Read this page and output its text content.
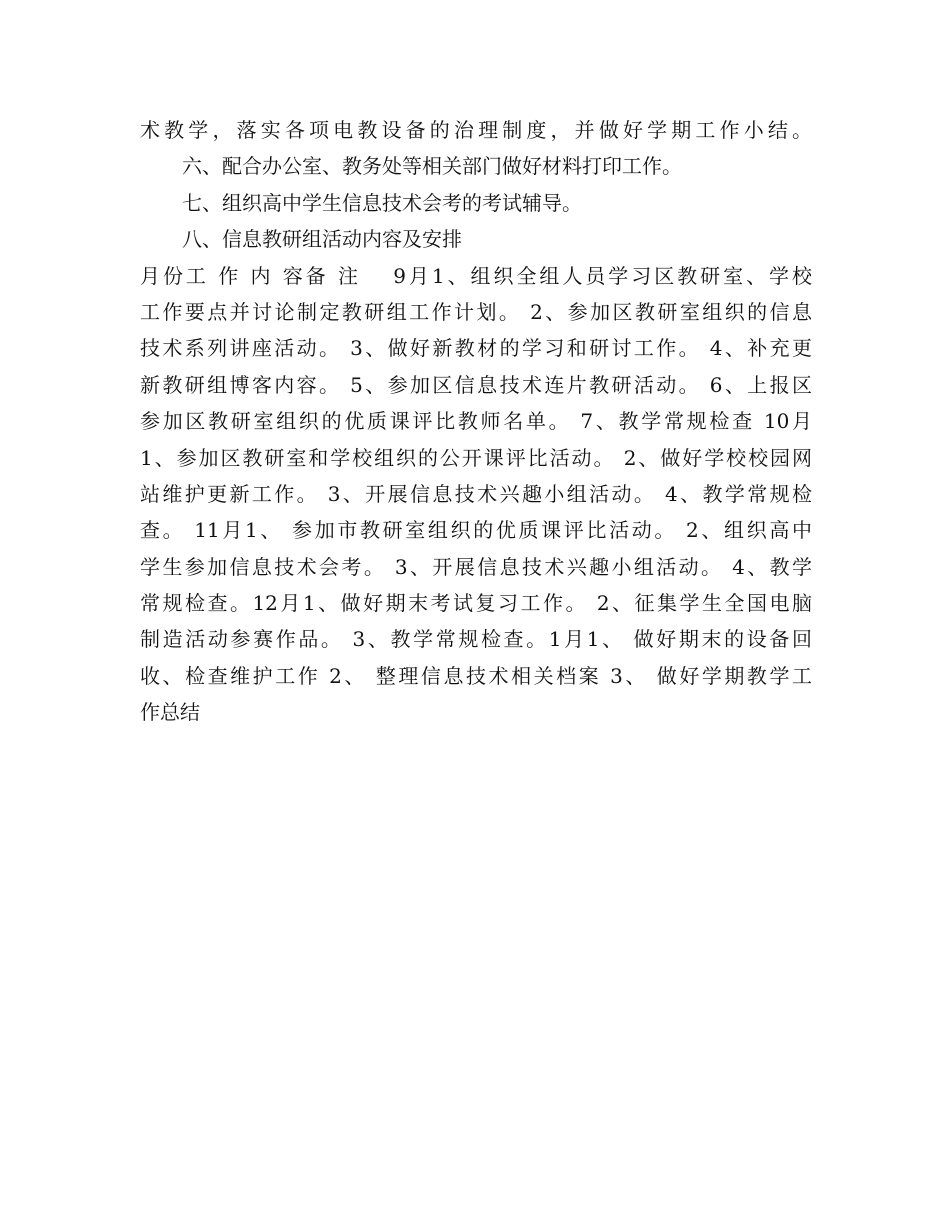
术教学，落实各项电教设备的治理制度，并做好学期工作小结。
六、配合办公室、教务处等相关部门做好材料打印工作。
七、组织高中学生信息技术会考的考试辅导。
八、信息教研组活动内容及安排
月份工 作 内 容备 注 　9月1、组织全组人员学习区教研室、学校
工作要点并讨论制定教研组工作计划。 2、参加区教研室组织的信息
技术系列讲座活动。 3、做好新教材的学习和研讨工作。 4、补充更
新教研组博客内容。 5、参加区信息技术连片教研活动。 6、上报区
参加区教研室组织的优质课评比教师名单。 7、教学常规检查 10月
1、参加区教研室和学校组织的公开课评比活动。 2、做好学校校园网
站维护更新工作。 3、开展信息技术兴趣小组活动。 4、教学常规检
查。 11月1、 参加市教研室组织的优质课评比活动。 2、组织高中
学生参加信息技术会考。 3、开展信息技术兴趣小组活动。 4、教学
常规检查。12月1、做好期末考试复习工作。 2、征集学生全国电脑
制造活动参赛作品。 3、教学常规检查。1月1、 做好期末的设备回
收、检查维护工作 2、 整理信息技术相关档案 3、 做好学期教学工
作总结
